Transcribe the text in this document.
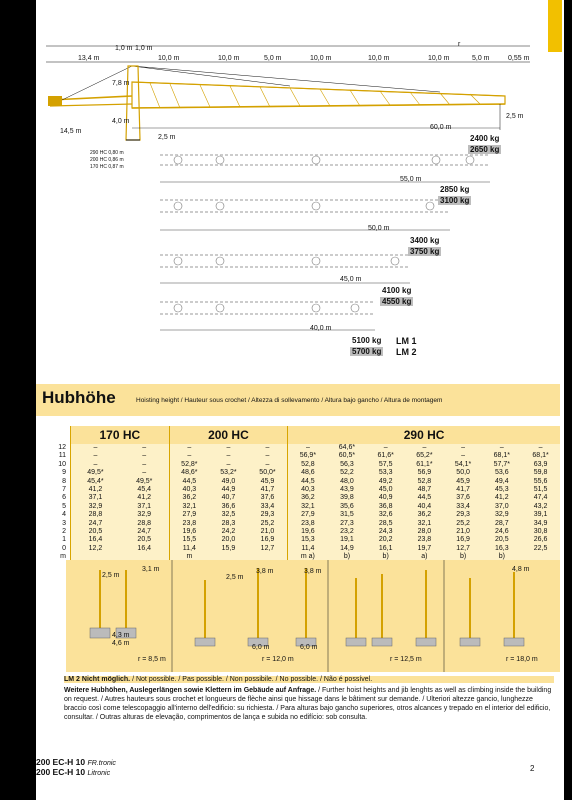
13,4 m
1,0 m 1,0 m
10,0 m	10,0 m	5,0 m	10,0 m	10,0 m	10,0 m	5,0 m	0,55 m
r
7,8 m
4,0 m
14,5 m
2,5 m
2,5 m
290 HC 0,80 m
200 HC 0,86 m
170 HC 0,87 m
60,0 m
2400 kg
2650 kg
55,0 m
2850 kg
3100 kg
50,0 m
3400 kg
3750 kg
45,0 m
4100 kg
4550 kg
40,0 m
5100 kg
5700 kg
LM 1
LM 2
Hubhöhe	Hoisting height / Hauteur sous crochet / Altezza di sollevamento / Altura bajo gancho / Altura de montagem
	170 HC		200 HC			290 HC						
12	–	–	–	–	–	–	64,6*	–	–	–	–	–
11	–	–	–	–	–	56,9*	60,5*	61,6*	65,2*	–	68,1*	68,1*
10	–	–	52,8*	–	–	52,8	56,3	57,5	61,1*	54,1*	57,7*	63,9
9	49,5*	–	48,6*	53,2*	50,0*	48,6	52,2	53,3	56,9	50,0	53,6	59,8
8	45,4*	49,5*	44,5	49,0	45,9	44,5	48,0	49,2	52,8	45,9	49,4	55,6
7	41,2	45,4	40,3	44,9	41,7	40,3	43,9	45,0	48,7	41,7	45,3	51,5
6	37,1	41,2	36,2	40,7	37,6	36,2	39,8	40,9	44,5	37,6	41,2	47,4
5	32,9	37,1	32,1	36,6	33,4	32,1	35,6	36,8	40,4	33,4	37,0	43,2
4	28,8	32,9	27,9	32,5	29,3	27,9	31,5	32,6	36,2	29,3	32,9	39,1
3	24,7	28,8	23,8	28,3	25,2	23,8	27,3	28,5	32,1	25,2	28,7	34,9
2	20,5	24,7	19,6	24,2	21,0	19,6	23,2	24,3	28,0	21,0	24,6	30,8
1	16,4	20,5	15,5	20,0	16,9	15,3	19,1	20,2	23,8	16,9	20,5	26,6
0	12,2	16,4	11,4	15,9	12,7	11,4	14,9	16,1	19,7	12,7	16,3	22,5
m			m			m a)	b)	b)	a)	b)	b)	
2,5 m
3,1 m
r = 8,5 m
4,3 m
4,6 m
2,5 m
3,8 m	3,8 m
6,0 m	6,0 m
r = 12,0 m	r = 12,5 m	r = 18,0 m
4,8 m
LM 2 Nicht möglich. / Not possible. / Pas possible. / Non possibile. / No possible. / Não é possível.
Weitere Hubhöhen, Auslegerlängen sowie Klettern im Gebäude auf Anfrage. / Further hoist heights and jib lenghts as well as climbing inside the building on request. / Autres hauteurs sous crochet et longueurs de flèche ainsi que hissage dans le bâtiment sur demande. / Ulteriori altezze gancio, lunghezze braccio così come telescopaggio all'interno dell'edificio: su richiesta. / Para alturas bajo gancho superiores, otros alcances y trepado en el interior del edificio, consultar. / Outras alturas de elevação, comprimentos de lança e subida no edifício: sob consulta.
200 EC-H 10 FR.tronic
200 EC-H 10 Litronic
2
TEZBAZAR.AZ
